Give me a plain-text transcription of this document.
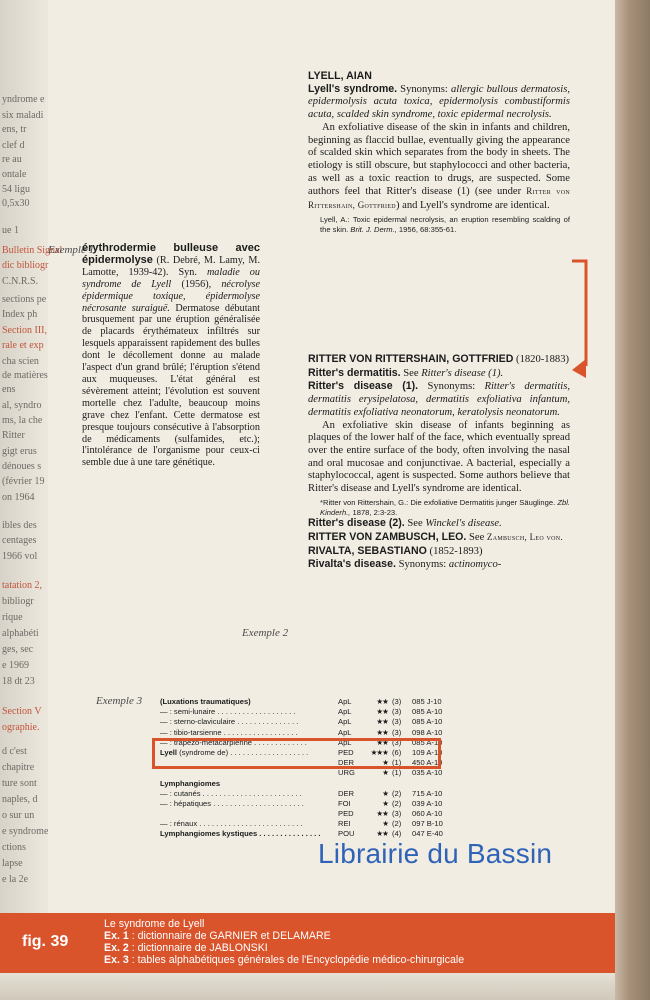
yndrome e
six maladi
ens, tr
clef d
re au
ontale
54 ligu
0,5x30
ue 1
Bulletin Signal
dic bibliogr
C.N.R.S.
sections pe
Index ph
Section III,
rale et exp
cha scien
de matières
ens
al, syndro
ms, la che
Ritter
gigt erus
dénoues s
(février 19
on 1964
ibles des
centages
1966 vol
tatation 2,
bibliogr
rique
alphabéti
ges, sec
e 1969
18 dt 23
Section V
ographie.
d c'est
chapitre
ture sont
naples, d
o sur un
e syndrome
ctions
lapse
e la 2e
Exemple 1

érythrodermie bulleuse avec épidermolyse (R. Debré, M. Lamy, M. Lamotte, 1939-42). Syn. maladie ou syndrome de Lyell (1956), nécrolyse épidermique toxique, épidermolyse nécrosante suraiguë. Dermatose débutant brusquement par une éruption généralisée de placards érythémateux infiltrés sur lesquels apparaissent rapidement des bulles dont le décollement donne au malade l'aspect d'un grand brûlé; l'éruption s'étend aux muqueuses. L'état général est sévèrement atteint; l'évolution est souvent mortelle chez l'adulte, beaucoup moins grave chez l'enfant. Cette dermatose est presque toujours consécutive à l'absorption de médicaments (sulfamides, etc.); l'intolérance de l'organisme pour ceux-ci semble due à une tare génétique.

LYELL, AIAN

Lyell's syndrome. Synonyms: allergic bullous dermatosis, epidermolysis acuta toxica, epidermolysis combustiformis acuta, scalded skin syndrome, toxic epidermal necrolysis.

An exfoliative disease of the skin in infants and children, beginning as flaccid bullae, eventually giving the appearance of scalded skin which separates from the body in sheets. The etiology is still obscure, but staphylococci and other bacteria, as well as a toxic reaction to drugs, are suspected. Some authors feel that Ritter's disease (1) (see under Ritter von Rittershain, Gottfried) and Lyell's syndrome are identical.

Lyell, A.: Toxic epidermal necrolysis, an eruption resembling scalding of the skin. Brit. J. Derm., 1956, 68:355-61.

RITTER VON RITTERSHAIN, GOTTFRIED (1820-1883)

Ritter's dermatitis. See Ritter's disease (1).

Ritter's disease (1). Synonyms: Ritter's dermatitis, dermatitis erysipelatosa, dermatitis exfoliativa infantum, dermatitis exfoliativa neonatorum, keratolysis neonatorum.

An exfoliative skin disease of infants beginning as plaques of the lower half of the face, which eventually spread over the entire surface of the body, often involving the nasal and oral mucosae and conjunctivae. A bacterial, especially a staphylococcal, agent is suspected. Some authors believe that Ritter's disease and Lyell's syndrome are identical.

*Ritter von Rittershain, G.: Die exfoliative Dermatitis junger Säuglinge. Zbl. Kinderh., 1878, 2:3-23.

Ritter's disease (2). See Winckel's disease.

RITTER VON ZAMBUSCH, LEO. See Zambusch, Leo von.

RIVALTA, SEBASTIANO (1852-1893)

Rivalta's disease. Synonyms: actinomyco-

Exemple 2
Exemple 3 (Luxations traumatiques)	ApL	★★ (3) 085 J-10
— : semi-lunaire . . . . . . . . . . . . . . . . . . .	ApL	★★ (3) 085 A-10
— : sterno-claviculaire . . . . . . . . . . . . . . .	ApL	★★ (3) 085 A-10
— : tibio-tarsienne . . . . . . . . . . . . . . . . . .	ApL	★★ (3) 098 A-10
— : trapézo-métacarpienne . . . . . . . . . . . . .	ApL	★★ (3) 085 A-10
Lyell (syndrome de) . . . . . . . . . . . . . . . . . . .	PED	★★★ (6) 109 A-10
DER	★ (1) 450 A-10
URG	★ (1) 035 A-10
Lymphangiomes
— : cutanés . . . . . . . . . . . . . . . . . . . . . . . .	DER	★ (2) 715 A-10
— : hépatiques . . . . . . . . . . . . . . . . . . . . . .	FOI	★ (2) 039 A-10
PED	★★ (3) 060 A-10
— : rénaux . . . . . . . . . . . . . . . . . . . . . . . . .	REI	★ (2) 097 B-10
Lymphangiomes kystiques . . . . . . . . . . . . . . . POU	★★ (4) 047 E-40
Librairie du Bassin
fig. 39
Le syndrome de Lyell
Ex. 1 : dictionnaire de GARNIER et DELAMARE
Ex. 2 : dictionnaire de JABLONSKI
Ex. 3 : tables alphabétiques générales de l'Encyclopédie médico-chirurgicale
